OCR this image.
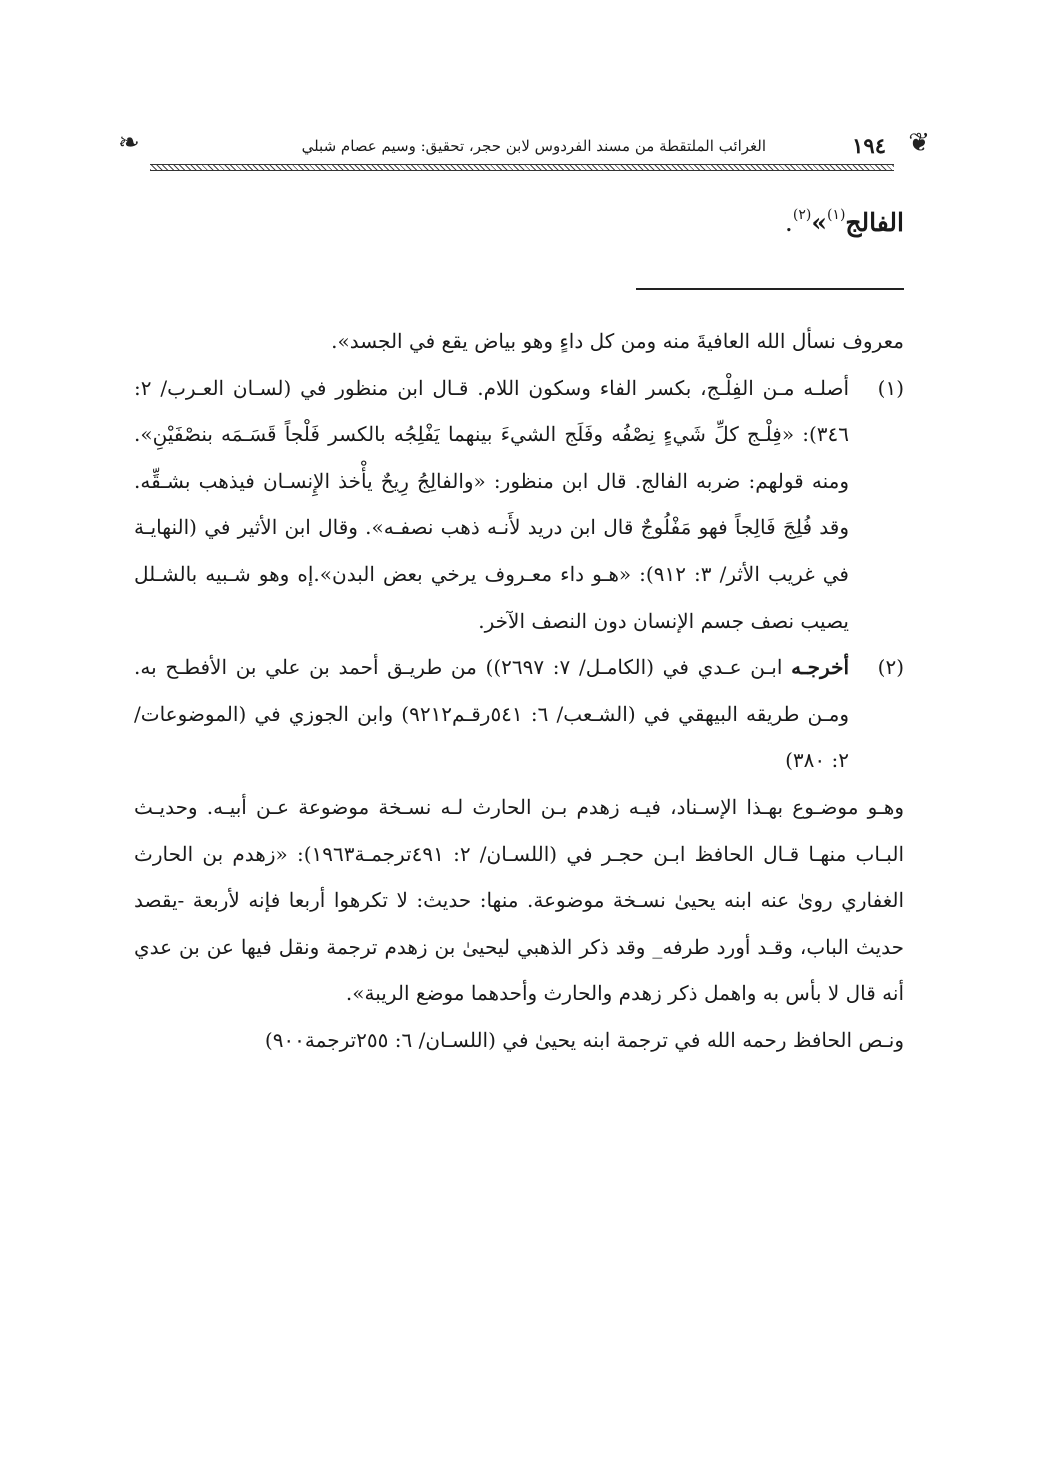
❦
١٩٤
الغرائب الملتقطة من مسند الفردوس لابن حجر، تحقيق: وسيم عصام شبلي
❧
الفالج$^{(١)}$»$^{(٢)}$.

معروف نسأل الله العافيةَ منه ومن كل داءٍ وهو بياض يقع في الجسد».

(١)
أصلـه مـن الفِلْـج، بكسر الفاء وسكون اللام. قـال ابن منظور في (لسـان العـرب/ ٢: ٣٤٦): «فِلْـج كلِّ شَيءٍ نِصْفُه وفَلَج الشيءَ بينهما يَفْلِجُه بالكسر فَلْجاً قَسَـمَه بنصْفَيْنِ». ومنه قولهم: ضربه الفالج. قال ابن منظور: «والفالِجُ رِيحٌ يأْخذ الإِنسـان فيذهب بشـقِّه. وقد فُلِجَ فَالِجاً فهو مَفْلُوجٌ قال ابن دريد لأَنـه ذهب نصفـه». وقال ابن الأثير في (النهايـة في غريب الأثر/ ٣: ٩١٢): «هـو داء معـروف يرخي بعض البدن».إه وهو شـبيه بالشـلل يصيب نصف جسم الإنسان دون النصف الآخر.

(٢)
أخرجـه ابـن عـدي في (الكامـل/ ٧: ٢٦٩٧)) من طريـق أحمد بن علي بن الأفطـح به. ومـن طريقه البيهقي في (الشـعب/ ٦: ٥٤١رقـم٩٢١٢) وابن الجوزي في (الموضوعات/ ٢: ٣٨٠)

وهـو موضـوع بهـذا الإسـناد، فيـه زهدم بـن الحارث لـه نسـخة موضوعة عـن أبيـه. وحديـث البـاب منهـا قـال الحافظ ابـن حجـر في (اللسـان/ ٢: ٤٩١ترجمـة١٩٦٣): «زهدم بن الحارث الغفاري روىٰ عنه ابنه يحيىٰ نسـخة موضوعة. منها: حديث: لا تكرهوا أربعا فإنه لأربعة -يقصد حديث الباب، وقـد أورد طرفه_ وقد ذكر الذهبي ليحيىٰ بن زهدم ترجمة ونقل فيها عن بن عدي أنه قال لا بأس به واهمل ذكر زهدم والحارث وأحدهما موضع الريبة».

ونـص الحافظ رحمه الله في ترجمة ابنه يحيىٰ في (اللسـان/ ٦: ٢٥٥ترجمة٩٠٠)
